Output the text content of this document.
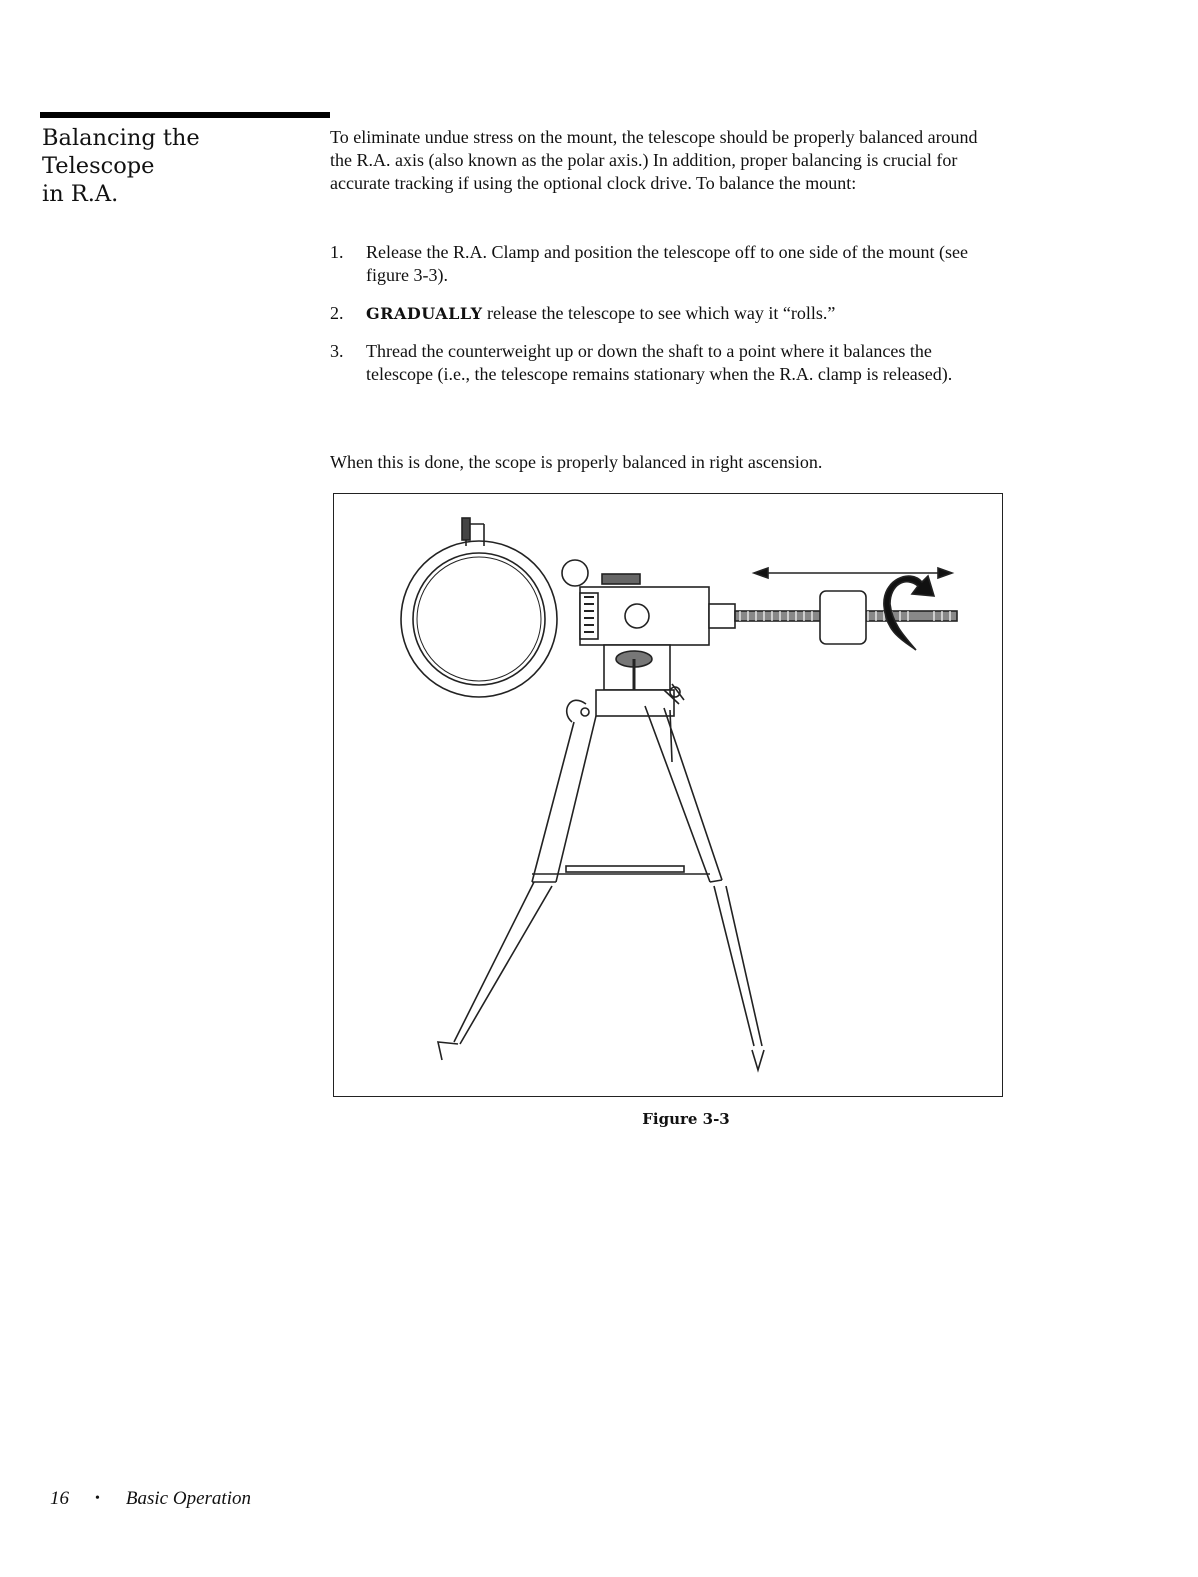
Balancing the Telescope
in R.A.

To eliminate undue stress on the mount, the telescope should be properly balanced around the R.A. axis (also known as the polar axis.) In addition, proper balancing is crucial for accurate tracking if using the optional clock drive. To balance the mount:

1. Release the R.A. Clamp and position the telescope off to one side of the mount (see figure 3-3).
2. GRADUALLY release the telescope to see which way it “rolls.”
3. Thread the counterweight up or down the shaft to a point where it balances the telescope (i.e., the telescope remains stationary when the R.A. clamp is released).

When this is done, the scope is properly balanced in right ascension.

Figure 3-3
16 • Basic Operation
